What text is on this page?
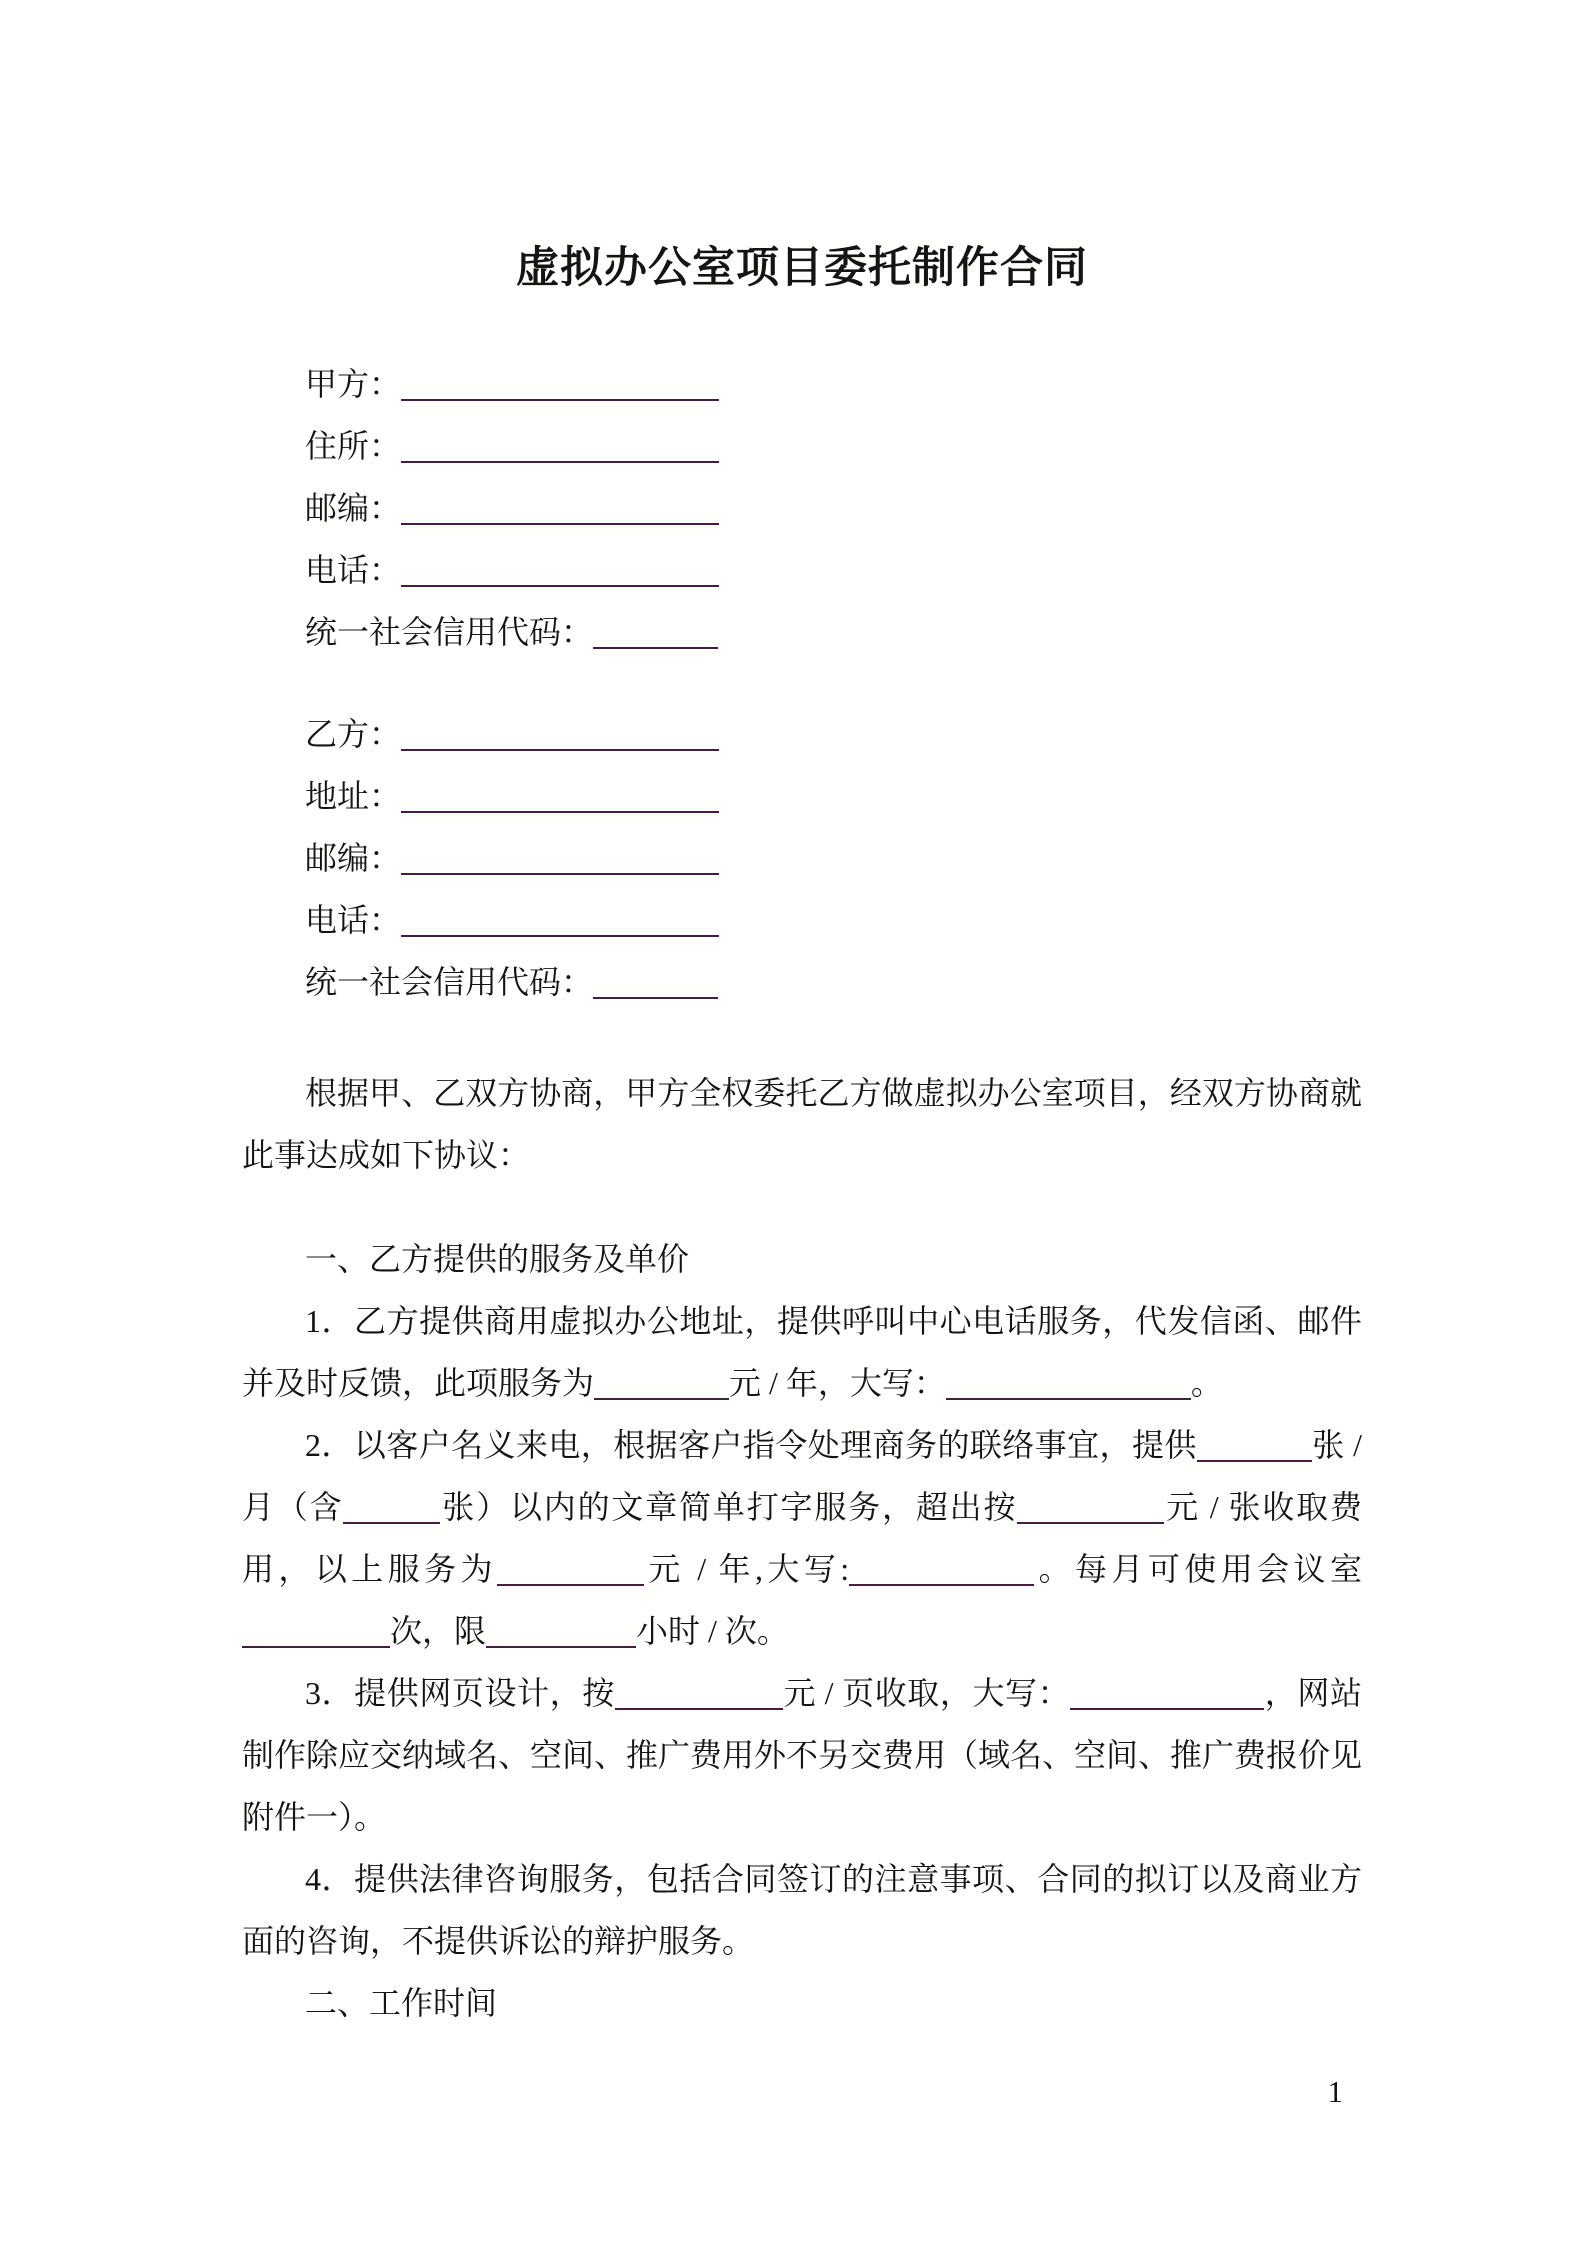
虚拟办公室项目委托制作合同
甲方：
住所：
邮编：
电话：
统一社会信用代码：
乙方：
地址：
邮编：
电话：
统一社会信用代码：

根据甲、乙双方协商，甲方全权委托乙方做虚拟办公室项目，经双方协商就此事达成如下协议：

一、乙方提供的服务及单价

1．乙方提供商用虚拟办公地址，提供呼叫中心电话服务，代发信函、邮件并及时反馈，此项服务为	元 / 年，大写：	。

2．以客户名义来电，根据客户指令处理商务的联络事宜，提供	张 / 月（含	张）以内的文章简单打字服务，超出按	元 / 张收取费用，以上服务为	元 / 年,大写:	。每月可使用会议室次，限	小时 / 次。

3．提供网页设计，按	元 / 页收取，大写：	，网站制作除应交纳域名、空间、推广费用外不另交费用（域名、空间、推广费报价见附件一）。

4．提供法律咨询服务，包括合同签订的注意事项、合同的拟订以及商业方面的咨询，不提供诉讼的辩护服务。

二、工作时间

1
